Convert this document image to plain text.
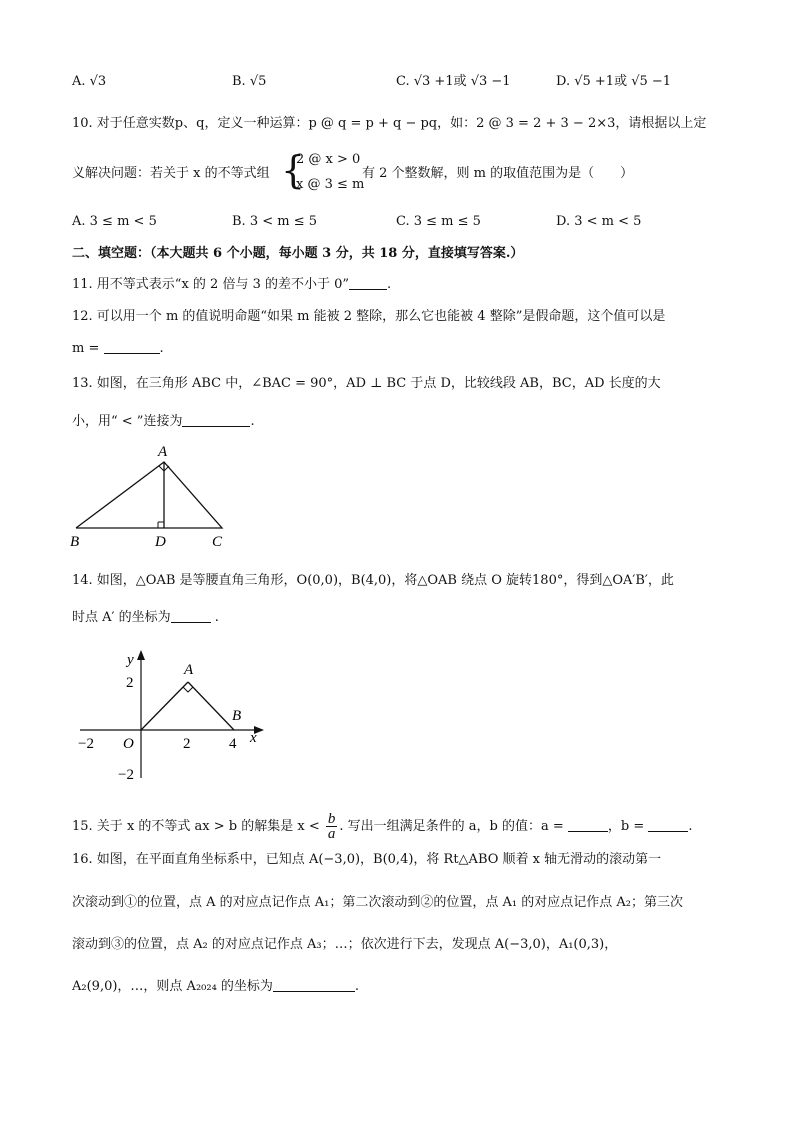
A. √3	B. √5	C. √3 +1或 √3 −1	D. √5 +1或 √5 −1
10. 对于任意实数p、q，定义一种运算：p @ q = p + q − pq，如：2 @ 3 = 2 + 3 − 2×3，请根据以上定
义解决问题：若关于 x 的不等式组 {
2 @ x > 0
x @ 3 ≤ m
有 2 个整数解，则 m 的取值范围为是（　　）
A. 3 ≤ m < 5	B. 3 < m ≤ 5	C. 3 ≤ m ≤ 5	D. 3 < m < 5
二、填空题：（本大题共 6 个小题，每小题 3 分，共 18 分，直接填写答案.）
11. 用不等式表示“x 的 2 倍与 3 的差不小于 0”	.
12. 可以用一个 m 的值说明命题“如果 m 能被 2 整除，那么它也能被 4 整除”是假命题，这个值可以是
m =	.
13. 如图，在三角形 ABC 中，∠BAC = 90°，AD ⊥ BC 于点 D，比较线段 AB，BC，AD 长度的大
小，用“ < ”连接为	.
A
B	D	C
14. 如图，△OAB 是等腰直角三角形，O(0,0)，B(4,0)，将△OAB 绕点 O 旋转180°，得到△OA′B′，此
时点 A′ 的坐标为	.
y
x
A
B
O
2
−2	2	4
−2
15. 关于 x 的不等式 ax > b 的解集是 $x < \frac{b}{a}$ . 写出一组满足条件的 a，b 的值：a =	，b =	.
16. 如图，在平面直角坐标系中，已知点 A(−3,0)，B(0,4)，将 Rt△ABO 顺着 x 轴无滑动的滚动第一
次滚动到①的位置，点 A 的对应点记作点 A₁；第二次滚动到②的位置，点 A₁ 的对应点记作点 A₂；第三次
滚动到③的位置，点 A₂ 的对应点记作点 A₃；…；依次进行下去，发现点 A(−3,0)，A₁(0,3)，
A₂(9,0)，…，则点 A₂₀₂₄ 的坐标为	.
